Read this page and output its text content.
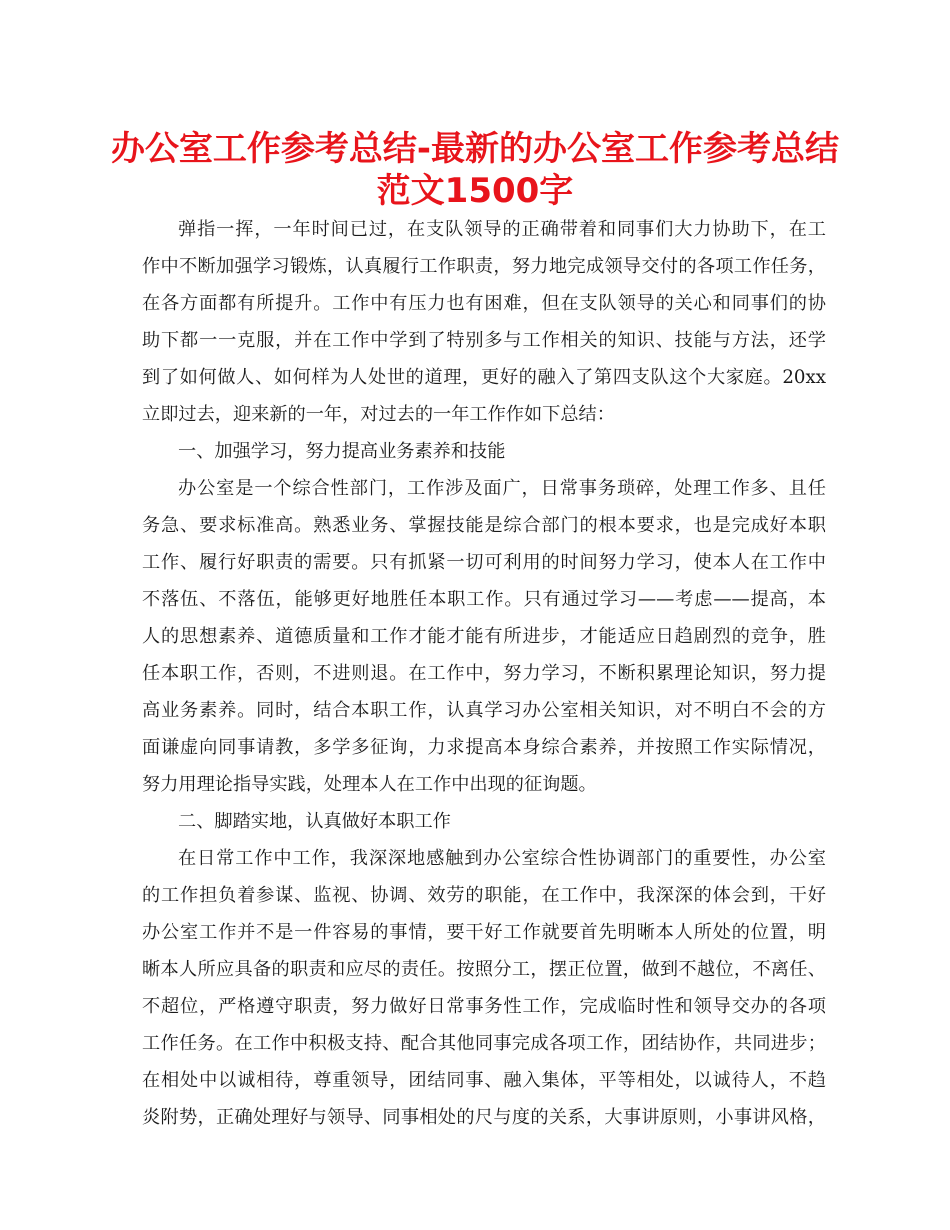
办公室工作参考总结-最新的办公室工作参考总结
范文1500字
弹指一挥，一年时间已过，在支队领导的正确带着和同事们大力协助下，在工
作中不断加强学习锻炼，认真履行工作职责，努力地完成领导交付的各项工作任务，
在各方面都有所提升。工作中有压力也有困难，但在支队领导的关心和同事们的协
助下都一一克服，并在工作中学到了特别多与工作相关的知识、技能与方法，还学
到了如何做人、如何样为人处世的道理，更好的融入了第四支队这个大家庭。20xx
立即过去，迎来新的一年，对过去的一年工作作如下总结：
一、加强学习，努力提高业务素养和技能
办公室是一个综合性部门，工作涉及面广，日常事务琐碎，处理工作多、且任
务急、要求标准高。熟悉业务、掌握技能是综合部门的根本要求，也是完成好本职
工作、履行好职责的需要。只有抓紧一切可利用的时间努力学习，使本人在工作中
不落伍、不落伍，能够更好地胜任本职工作。只有通过学习——考虑——提高，本
人的思想素养、道德质量和工作才能才能有所进步，才能适应日趋剧烈的竞争，胜
任本职工作，否则，不进则退。在工作中，努力学习，不断积累理论知识，努力提
高业务素养。同时，结合本职工作，认真学习办公室相关知识，对不明白不会的方
面谦虚向同事请教，多学多征询，力求提高本身综合素养，并按照工作实际情况，
努力用理论指导实践，处理本人在工作中出现的征询题。
二、脚踏实地，认真做好本职工作
在日常工作中工作，我深深地感触到办公室综合性协调部门的重要性，办公室
的工作担负着参谋、监视、协调、效劳的职能，在工作中，我深深的体会到，干好
办公室工作并不是一件容易的事情，要干好工作就要首先明晰本人所处的位置，明
晰本人所应具备的职责和应尽的责任。按照分工，摆正位置，做到不越位，不离任、
不超位，严格遵守职责，努力做好日常事务性工作，完成临时性和领导交办的各项
工作任务。在工作中积极支持、配合其他同事完成各项工作，团结协作，共同进步；
在相处中以诚相待，尊重领导，团结同事、融入集体，平等相处，以诚待人，不趋
炎附势，正确处理好与领导、同事相处的尺与度的关系，大事讲原则，小事讲风格，
